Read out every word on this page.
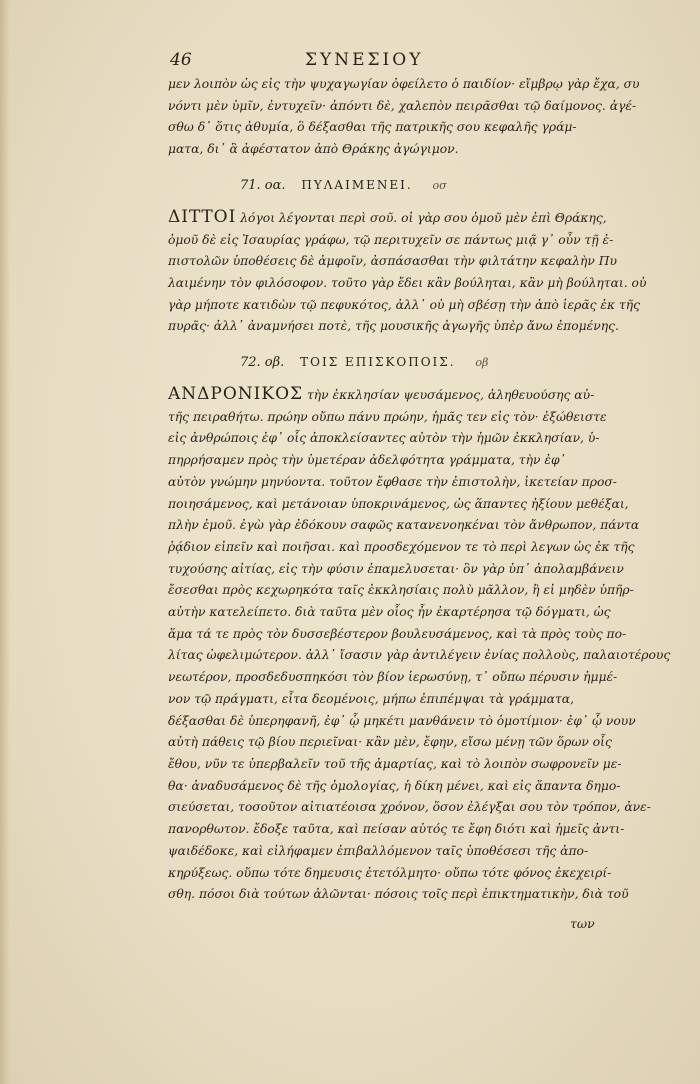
46	ΣΥΝΕΣΙΟΥ
μεν λοιπὸν ὡς εἰς τὴν ψυχαγωγίαν ὀφείλετο ὁ παιδίον· εἴμβρῳ γὰρ ἔχα, συ
νόντι μὲν ὑμῖν, ἐντυχεῖν· ἀπόντι δὲ, χαλεπὸν πειρᾶσθαι τῷ δαίμονος. ἀγέ-
σθω δ᾽ ὅτις ἀθυμία, ὃ δέξασθαι τῆς πατρικῆς σου κεφαλῆς γράμ-
ματα, δι᾽ ἃ ἀφέστατον ἀπὸ Θράκης ἀγώγιμον.
71. οα. ΠΥΛΑΙΜΕΝΕΙ. οσ
ΔΙΤΤΟΙ λόγοι λέγονται περὶ σοῦ. οἱ γὰρ σου ὁμοῦ μὲν ἐπὶ Θράκης,
ὁμοῦ δὲ εἰς Ἰσαυρίας γράφω, τῷ περιτυχεῖν σε πάντως μιᾷ γ᾽ οὖν τῇ ἐ-
πιστολῶν ὑποθέσεις δὲ ἀμφοῖν, ἀσπάσασθαι τὴν φιλτάτην κεφαλὴν Πυ
λαιμένην τὸν φιλόσοφον. τοῦτο γὰρ ἔδει κἂν βούληται, κἂν μὴ βούληται. οὐ
γὰρ μήποτε κατιδὼν τῷ πεφυκότος, ἀλλ᾽ οὐ μὴ σβέσῃ τὴν ἀπὸ ἱερᾶς ἐκ τῆς
πυρᾶς· ἀλλ᾽ ἀναμνήσει ποτὲ, τῆς μουσικῆς ἀγωγῆς ὑπὲρ ἄνω ἐπομένης.
72. οβ. ΤΟΙΣ ΕΠΙΣΚΟΠΟΙΣ. οβ
ΑΝΔΡΟΝΙΚΟΣ τὴν ἐκκλησίαν ψευσάμενος, ἀληθευούσης αὐ-
τῆς πειραθήτω. πρώην οὔπω πάνυ πρώην, ἡμᾶς τεν εἰς τὸν· ἐξώθειστε
εἰς ἀνθρώποις ἐφ᾽ οἷς ἀποκλείσαντες αὐτὸν τὴν ἡμῶν ἐκκλησίαν, ὑ-
πηρρήσαμεν πρὸς τὴν ὑμετέραν ἀδελφότητα γράμματα, τὴν ἐφ᾽
αὐτὸν γνώμην μηνύοντα. τοῦτον ἔφθασε τὴν ἐπιστολὴν, ἱκετείαν προσ-
ποιησάμενος, καὶ μετάνοιαν ὑποκρινάμενος, ὡς ἅπαντες ἠξίουν μεθέξαι,
πλὴν ἐμοῦ. ἐγὼ γὰρ ἐδόκουν σαφῶς κατανενοηκέναι τὸν ἄνθρωπον, πάντα
ῥᾴδιον εἰπεῖν καὶ ποιῆσαι. καὶ προσδεχόμενον τε τὸ περὶ λεγων ὡς ἐκ τῆς
τυχούσης αἰτίας, εἰς τὴν φύσιν ἐπαμελυσεται· ὃν γὰρ ὑπ᾽ ἀπολαμβάνειν
ἔσεσθαι πρὸς κεχωρηκότα ταῖς ἐκκλησίαις πολὺ μᾶλλον, ἢ εἰ μηδὲν ὑπῆρ-
αὐτὴν κατελείπετο. διὰ ταῦτα μὲν οἷος ἦν ἐκαρτέρησα τῷ δόγματι, ὡς
ἅμα τά τε πρὸς τὸν δυσσεβέστερον βουλευσάμενος, καὶ τὰ πρὸς τοὺς πο-
λίτας ὠφελιμώτερον. ἀλλ᾽ ἴσασιν γὰρ ἀντιλέγειν ἐνίας πολλοὺς, παλαιοτέρους
νεωτέρον, προσδεδυσπηκόσι τὸν βίον ἱερωσύνῃ, τ᾽ οὔπω πέρυσιν ἡμμέ-
νον τῷ πράγματι, εἶτα δεομένοις, μήπω ἐπιπέμψαι τὰ γράμματα,
δέξασθαι δὲ ὑπερηφανῆ, ἐφ᾽ ᾧ μηκέτι μανθάνειν τὸ ὁμοτίμιον· ἐφ᾽ ᾧ νουν
αὐτὴ πάθεις τῷ βίου περιεῖναι· κἂν μὲν, ἔφην, εἴσω μένῃ τῶν ὅρων οἷς
ἔθου, νῦν τε ὑπερβαλεῖν τοῦ τῆς ἀμαρτίας, καὶ τὸ λοιπὸν σωφρονεῖν με-
θα· ἀναδυσάμενος δὲ τῆς ὁμολογίας, ἡ δίκη μένει, καὶ εἰς ἅπαντα δημο-
σιεύσεται, τοσοῦτον αἰτιατέοισα χρόνον, ὅσον ἐλέγξαι σου τὸν τρόπον, ἀνε-
πανορθωτον. ἔδοξε ταῦτα, καὶ πείσαν αὐτός τε ἔφη διότι καὶ ἡμεῖς ἀντι-
ψαιδέδοκε, καὶ εἰλήφαμεν ἐπιβαλλόμενον ταῖς ὑποθέσεσι τῆς ἀπο-
κηρύξεως. οὔπω τότε δημευσις ἐτετόλμητο· οὔπω τότε φόνος ἐκεχειρί-
σθη. πόσοι διὰ τούτων ἀλῶνται· πόσοις τοῖς περὶ ἐπικτηματικὴν, διὰ τοῦ
των
